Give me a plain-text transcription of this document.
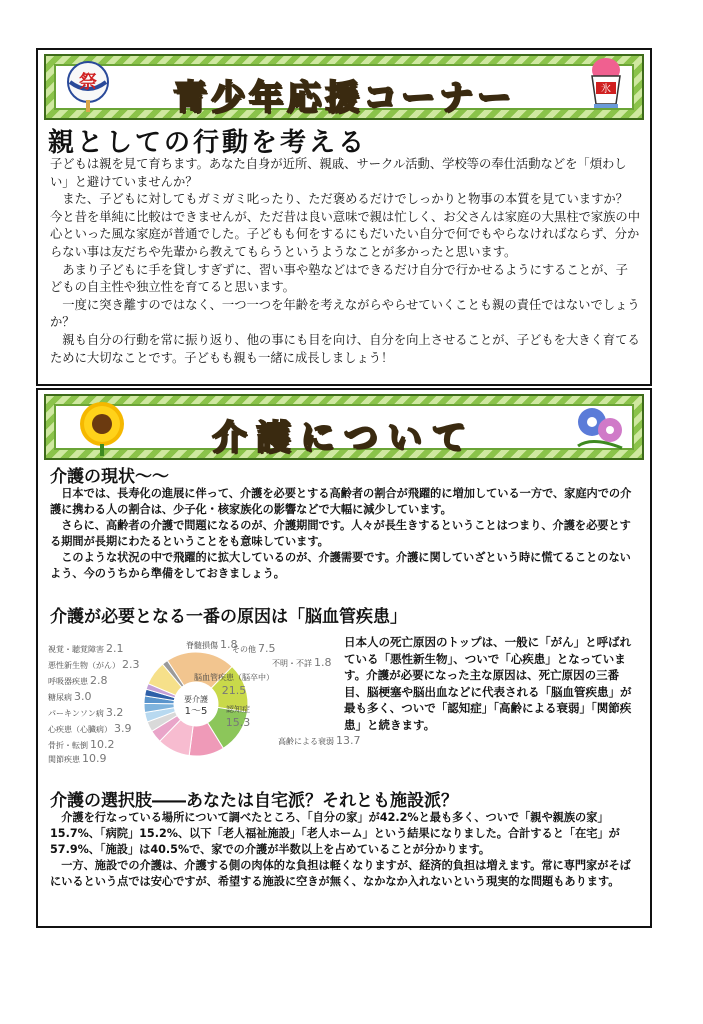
青少年応援コーナー
祭	氷
親としての行動を考える

子どもは親を見て育ちます。あなた自身が近所、親戚、サークル活動、学校等の奉仕活動などを「煩わしい」と避けていませんか？

　また、子どもに対してもガミガミ叱ったり、ただ褒めるだけでしっかりと物事の本質を見ていますか？今と昔を単純に比較はできませんが、ただ昔は良い意味で親は忙しく、お父さんは家庭の大黒柱で家族の中心といった風な家庭が普通でした。子どもも何をするにもだいたい自分で何でもやらなければならず、分からない事は友だちや先輩から教えてもらうというようなことが多かったと思います。

　あまり子どもに手を貸しすぎずに、習い事や塾などはできるだけ自分で行かせるようにすることが、子どもの自主性や独立性を育てると思います。

　一度に突き離すのではなく、一つ一つを年齢を考えながらやらせていくことも親の責任ではないでしょうか？

　親も自分の行動を常に振り返り、他の事にも目を向け、自分を向上させることが、子どもを大きく育てるために大切なことです。子どもも親も一緒に成長しましょう！

介護について
介護の現状～～

　日本では、長寿化の進展に伴って、介護を必要とする高齢者の割合が飛躍的に増加している一方で、家庭内での介護に携わる人の割合は、少子化・核家族化の影響などで大幅に減少しています。

　さらに、高齢者の介護で問題になるのが、介護期間です。人々が長生きするということはつまり、介護を必要とする期間が長期にわたるということをも意味しています。

　このような状況の中で飛躍的に拡大しているのが、介護需要です。介護に関していざという時に慌てることのないよう、今のうちから準備をしておきましょう。

介護が必要となる一番の原因は「脳血管疾患」
脳血管疾患（脳卒中）
21.5
認知症
15.3
高齢による衰弱 13.7
関節疾患 10.9
骨折・転倒 10.2
心疾患（心臓病） 3.9
パーキンソン病 3.2
糖尿病 3.0
呼吸器疾患 2.8
悪性新生物（がん） 2.3
視覚・聴覚障害 2.1	脊髄損傷 1.8
その他 7.5
不明・不詳 1.8
要介護
1～5
日本人の死亡原因のトップは、一般に「がん」と呼ばれている「悪性新生物」、ついで「心疾患」となっています。介護が必要になった主な原因は、死亡原因の三番目、脳梗塞や脳出血などに代表される「脳血管疾患」が最も多く、ついで「認知症」「高齢による衰弱」「関節疾患」と続きます。
介護の選択肢――あなたは自宅派？それとも施設派？

　介護を行なっている場所について調べたところ、「自分の家」が42.2%と最も多く、ついで「親や親族の家」15.7%、「病院」15.2%、以下「老人福祉施設」「老人ホーム」という結果になりました。合計すると「在宅」が57.9%、「施設」は40.5%で、家での介護が半数以上を占めていることが分かります。

　一方、施設での介護は、介護する側の肉体的な負担は軽くなりますが、経済的負担は増えます。常に専門家がそばにいるという点では安心ですが、希望する施設に空きが無く、なかなか入れないという現実的な問題もあります。
